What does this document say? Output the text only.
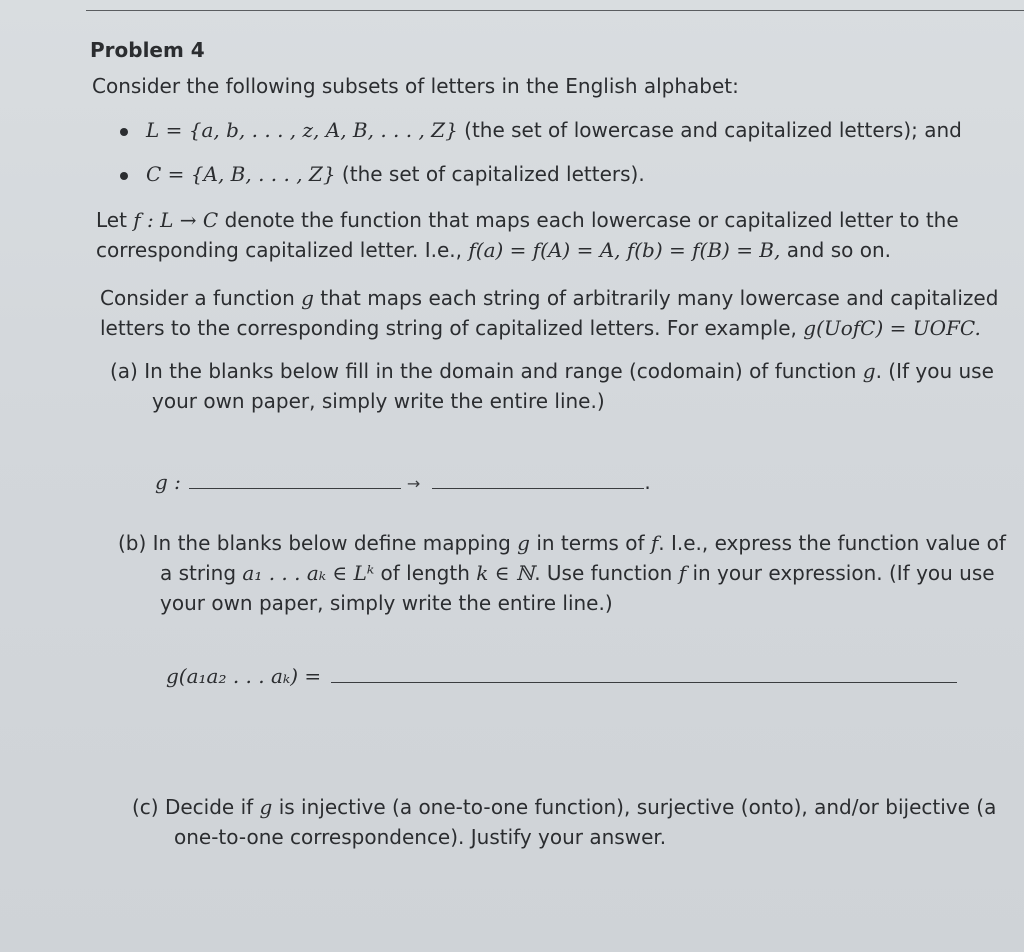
Problem 4
Consider the following subsets of letters in the English alphabet:
L = {a, b, . . . , z, A, B, . . . , Z} (the set of lowercase and capitalized letters); and
C = {A, B, . . . , Z} (the set of capitalized letters).
Let f : L → C denote the function that maps each lowercase or capitalized letter to the
corresponding capitalized letter. I.e., f(a) = f(A) = A, f(b) = f(B) = B, and so on.
Consider a function g that maps each string of arbitrarily many lowercase and capitalized
letters to the corresponding string of capitalized letters. For example, g(UofC) = UOFC.
(a) In the blanks below fill in the domain and range (codomain) of function g. (If you use
your own paper, simply write the entire line.)
g :	→	.
(b) In the blanks below define mapping g in terms of f. I.e., express the function value of
a string a₁ . . . aₖ ∈ Lᵏ of length k ∈ ℕ. Use function f in your expression. (If you use
your own paper, simply write the entire line.)
g(a₁a₂ . . . aₖ) =
(c) Decide if g is injective (a one-to-one function), surjective (onto), and/or bijective (a
one-to-one correspondence). Justify your answer.
